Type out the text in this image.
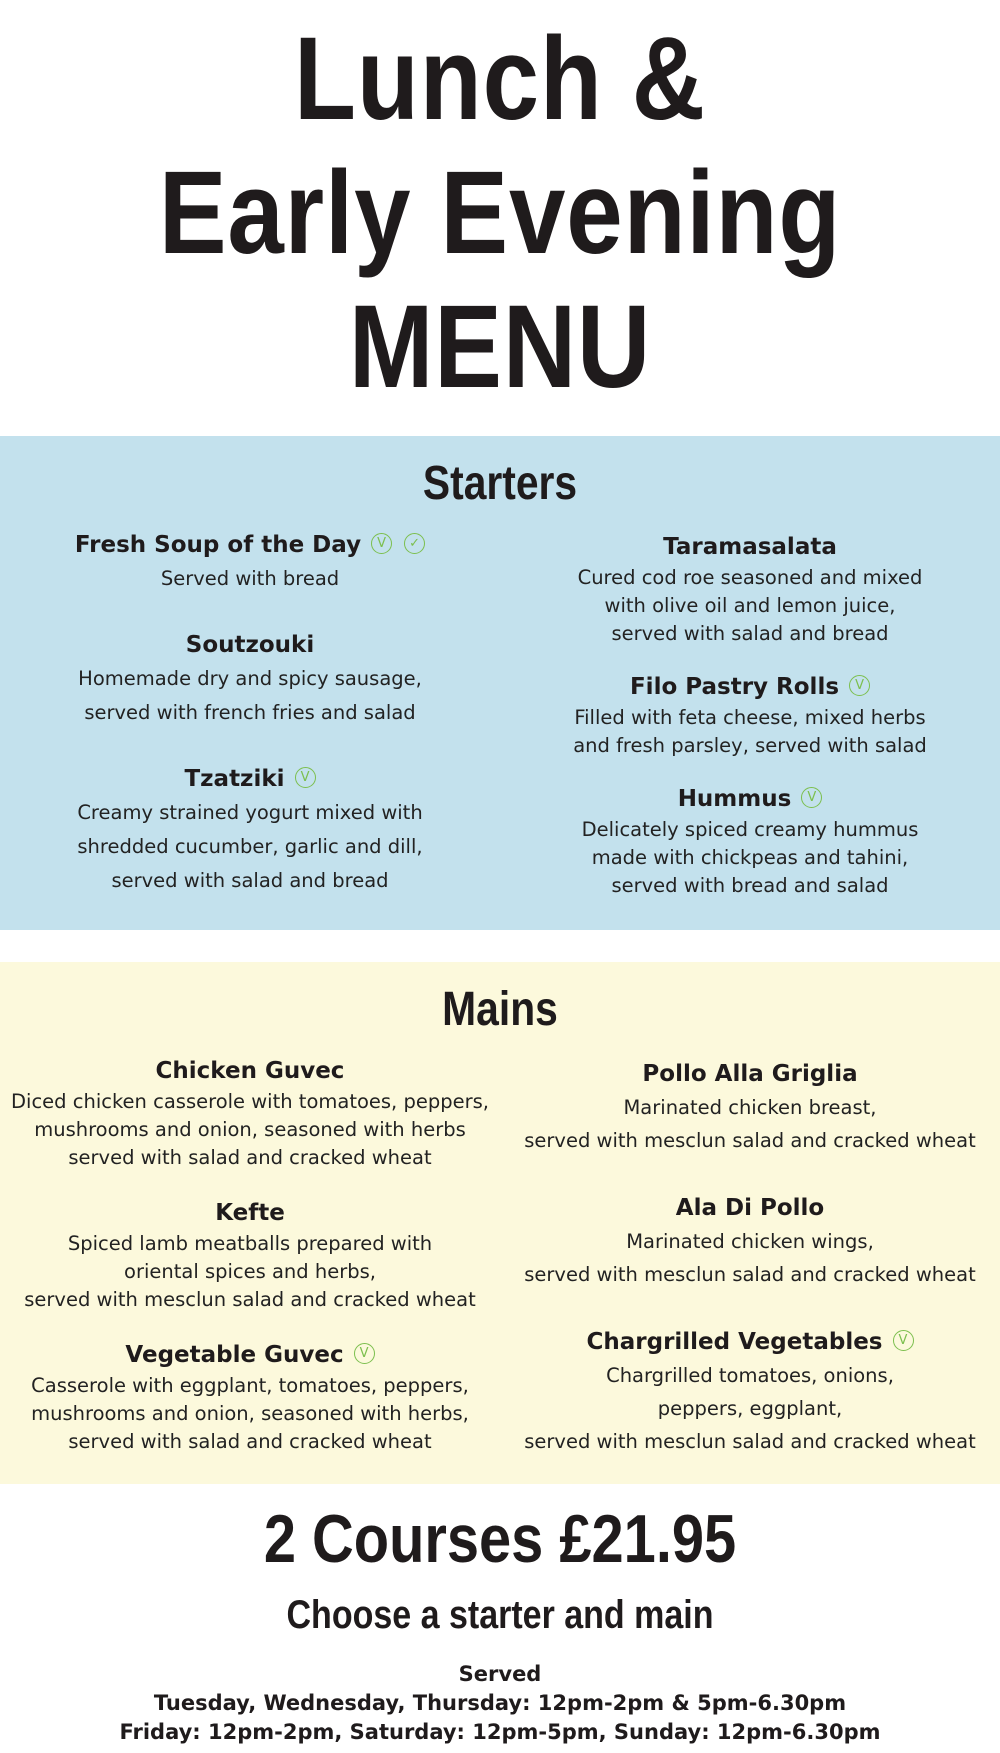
Lunch &
Early Evening
MENU
Starters
Fresh Soup of the Day V ✓
Served with bread
Soutzouki
Homemade dry and spicy sausage,
served with french fries and salad
Tzatziki V
Creamy strained yogurt mixed with
shredded cucumber, garlic and dill,
served with salad and bread
Taramasalata
Cured cod roe seasoned and mixed
with olive oil and lemon juice,
served with salad and bread
Filo Pastry Rolls V
Filled with feta cheese, mixed herbs
and fresh parsley, served with salad
Hummus V
Delicately spiced creamy hummus
made with chickpeas and tahini,
served with bread and salad
Mains
Chicken Guvec
Diced chicken casserole with tomatoes, peppers,
mushrooms and onion, seasoned with herbs
served with salad and cracked wheat
Kefte
Spiced lamb meatballs prepared with
oriental spices and herbs,
served with mesclun salad and cracked wheat
Vegetable Guvec V
Casserole with eggplant, tomatoes, peppers,
mushrooms and onion, seasoned with herbs,
served with salad and cracked wheat
Pollo Alla Griglia
Marinated chicken breast,
served with mesclun salad and cracked wheat
Ala Di Pollo
Marinated chicken wings,
served with mesclun salad and cracked wheat
Chargrilled Vegetables V
Chargrilled tomatoes, onions,
peppers, eggplant,
served with mesclun salad and cracked wheat
2 Courses £21.95
Choose a starter and main
Served
Tuesday, Wednesday, Thursday: 12pm-2pm & 5pm-6.30pm
Friday: 12pm-2pm, Saturday: 12pm-5pm, Sunday: 12pm-6.30pm
